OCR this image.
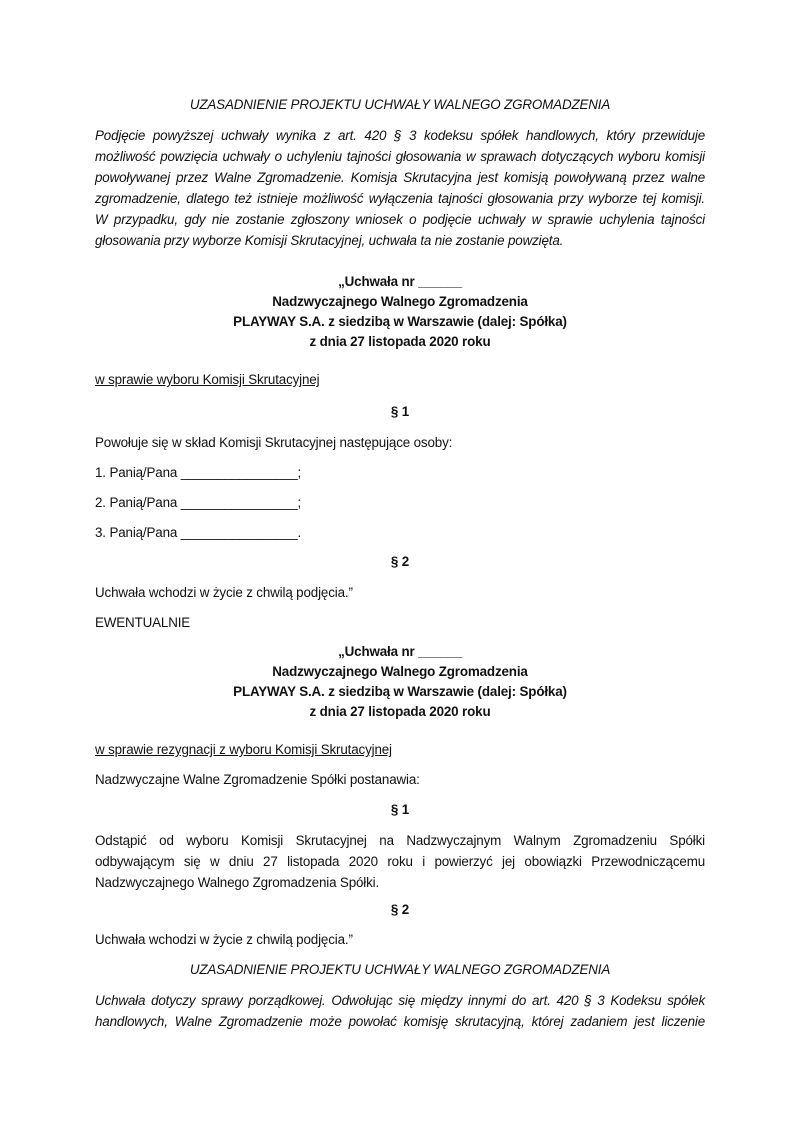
UZASADNIENIE PROJEKTU UCHWAŁY WALNEGO ZGROMADZENIA
Podjęcie powyższej uchwały wynika z art. 420 § 3 kodeksu spółek handlowych, który przewiduje
możliwość powzięcia uchwały o uchyleniu tajności głosowania w sprawach dotyczących wyboru komisji
powoływanej przez Walne Zgromadzenie. Komisja Skrutacyjna jest komisją powoływaną przez walne
zgromadzenie, dlatego też istnieje możliwość wyłączenia tajności głosowania przy wyborze tej komisji.
W przypadku, gdy nie zostanie zgłoszony wniosek o podjęcie uchwały w sprawie uchylenia tajności
głosowania przy wyborze Komisji Skrutacyjnej, uchwała ta nie zostanie powzięta.
„Uchwała nr ______
Nadzwyczajnego Walnego Zgromadzenia
PLAYWAY S.A. z siedzibą w Warszawie (dalej: Spółka)
z dnia 27 listopada 2020 roku
w sprawie wyboru Komisji Skrutacyjnej
§ 1
Powołuje się w skład Komisji Skrutacyjnej następujące osoby:
1. Panią/Pana ________________;
2. Panią/Pana ________________;
3. Panią/Pana ________________.
§ 2
Uchwała wchodzi w życie z chwilą podjęcia.”
EWENTUALNIE
„Uchwała nr ______
Nadzwyczajnego Walnego Zgromadzenia
PLAYWAY S.A. z siedzibą w Warszawie (dalej: Spółka)
z dnia 27 listopada 2020 roku
w sprawie rezygnacji z wyboru Komisji Skrutacyjnej
Nadzwyczajne Walne Zgromadzenie Spółki postanawia:
§ 1
Odstąpić od wyboru Komisji Skrutacyjnej na Nadzwyczajnym Walnym Zgromadzeniu Spółki
odbywającym się w dniu 27 listopada 2020 roku i powierzyć jej obowiązki Przewodniczącemu
Nadzwyczajnego Walnego Zgromadzenia Spółki.
§ 2
Uchwała wchodzi w życie z chwilą podjęcia.”
UZASADNIENIE PROJEKTU UCHWAŁY WALNEGO ZGROMADZENIA
Uchwała dotyczy sprawy porządkowej. Odwołując się między innymi do art. 420 § 3 Kodeksu spółek
handlowych, Walne Zgromadzenie może powołać komisję skrutacyjną, której zadaniem jest liczenie
